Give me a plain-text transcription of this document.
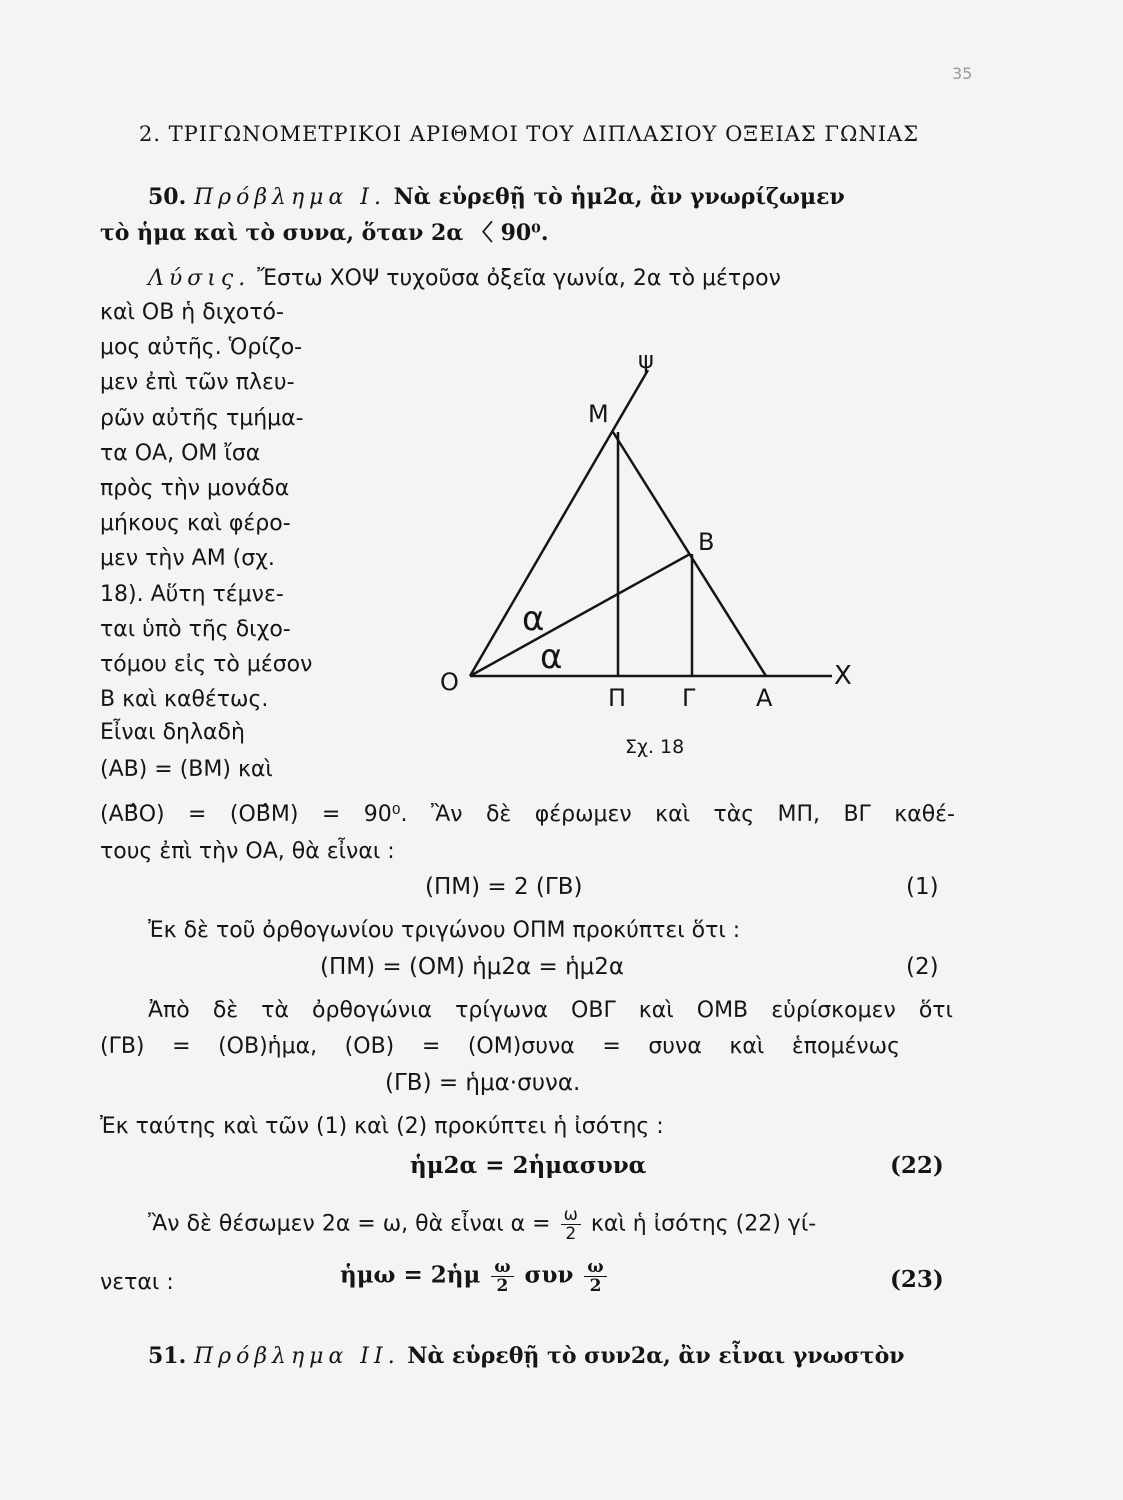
35
2. ΤΡΙΓΩΝΟΜΕΤΡΙΚΟΙ ΑΡΙΘΜΟΙ ΤΟΥ ΔΙΠΛΑΣΙΟΥ ΟΞΕΙΑΣ ΓΩΝΙΑΣ
50. Πρόβλημα I. Νὰ εὑρεθῇ τὸ ἡμ2α, ἂν γνωρίζωμεν
τὸ ἡμα καὶ τὸ συνα, ὅταν 2α 〈 90⁰.
Λύσις. Ἔστω ΧΟΨ τυχοῦσα ὀξεῖα γωνία, 2α τὸ μέτρον
καὶ ΟΒ ἡ διχοτό-
μος αὐτῆς. Ὁρίζο-
μεν ἐπὶ τῶν πλευ-
ρῶν αὐτῆς τμήμα-
τα ΟΑ, ΟΜ ἴσα
πρὸς τὴν μονάδα
μήκους καὶ φέρο-
μεν τὴν ΑΜ (σχ.
18). Αὕτη τέμνε-
ται ὑπὸ τῆς διχο-
τόμου εἰς τὸ μέσον
Β καὶ καθέτως.
Εἶναι δηλαδὴ
(ΑΒ) = (ΒΜ) καὶ
ψ
Μ
Β
α
α
Ο
Π Γ	Α
Χ
Σχ. 18
(ΑΒ̂Ο) = (ΟΒ̂Μ) = 90⁰. Ἂν δὲ φέρωμεν καὶ τὰς ΜΠ, ΒΓ καθέ-
τους ἐπὶ τὴν ΟΑ, θὰ εἶναι :
(ΠΜ) = 2 (ΓΒ)	(1)
Ἐκ δὲ τοῦ ὀρθογωνίου τριγώνου ΟΠΜ προκύπτει ὅτι :
(ΠΜ) = (ΟΜ) ἡμ2α = ἡμ2α	(2)
Ἀπὸ δὲ τὰ ὀρθογώνια τρίγωνα ΟΒΓ καὶ ΟΜΒ εὑρίσκομεν ὅτι
(ΓΒ) = (ΟΒ)ἡμα, (ΟΒ) = (ΟΜ)συνα = συνα καὶ ἑπομένως
(ΓΒ) = ἡμα·συνα.
Ἐκ ταύτης καὶ τῶν (1) καὶ (2) προκύπτει ἡ ἰσότης :
ἡμ2α = 2ἡμασυνα	(22)
Ἂν δὲ θέσωμεν 2α = ω, θὰ εἶναι $\alpha = \frac{\omega}{2}$ καὶ ἡ ἰσότης (22) γί-
νεται :	ἡμω = 2ἡμ $\frac{\omega}{2}$ συν $\frac{\omega}{2}$	(23)
51. Πρόβλημα II. Νὰ εὑρεθῇ τὸ συν2α, ἂν εἶναι γνωστὸν
